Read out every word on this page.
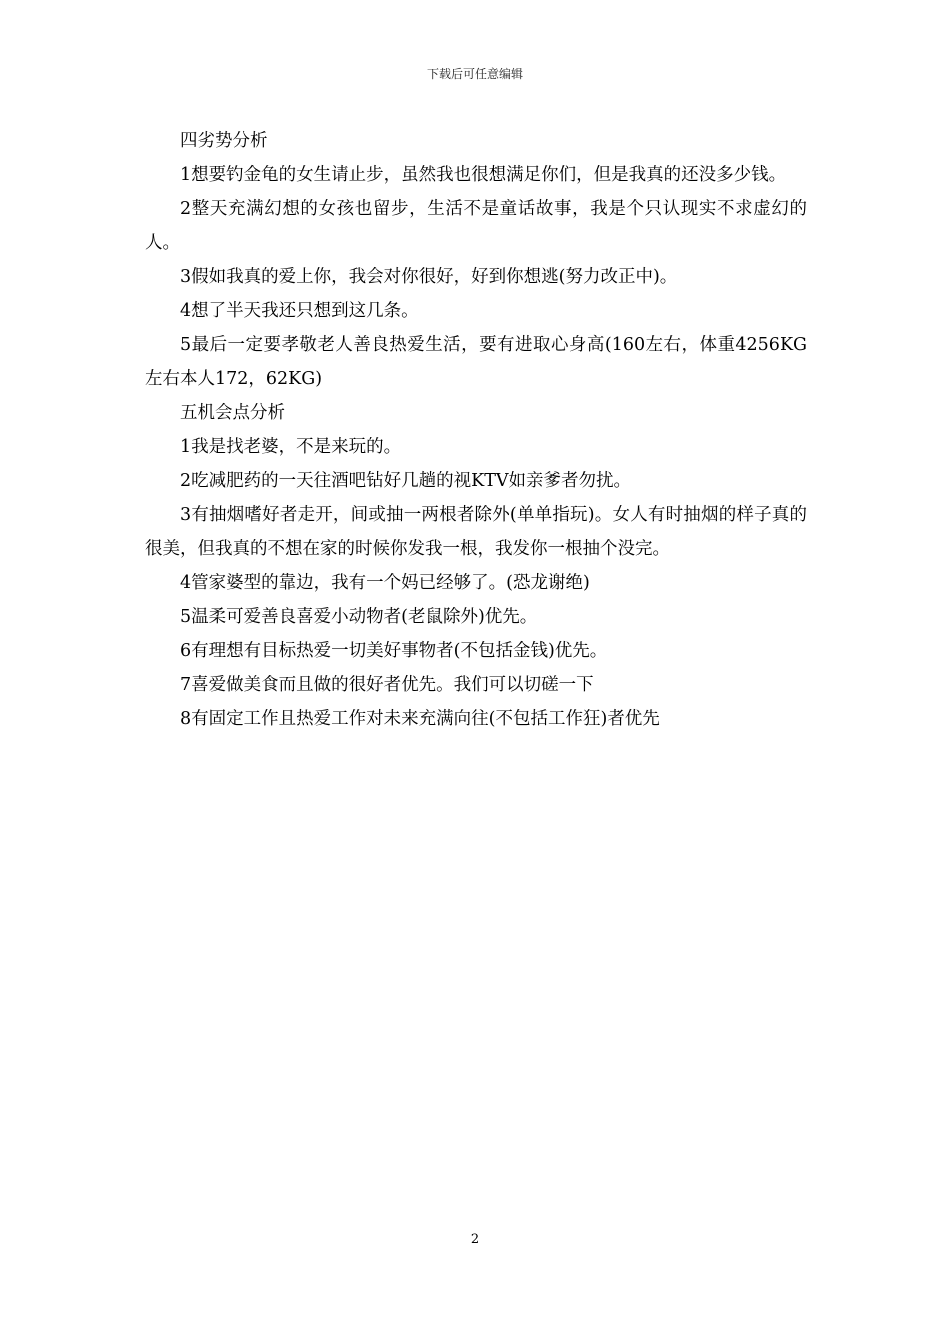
下载后可任意编辑

四劣势分析

1想要钓金龟的女生请止步，虽然我也很想满足你们，但是我真的还没多少钱。

2整天充满幻想的女孩也留步，生活不是童话故事，我是个只认现实不求虚幻的人。

3假如我真的爱上你，我会对你很好，好到你想逃(努力改正中)。

4想了半天我还只想到这几条。

5最后一定要孝敬老人善良热爱生活，要有进取心身高(160左右，体重4256KG左右本人172，62KG)

五机会点分析

1我是找老婆，不是来玩的。

2吃减肥药的一天往酒吧钻好几趟的视KTV如亲爹者勿扰。

3有抽烟嗜好者走开，间或抽一两根者除外(单单指玩)。女人有时抽烟的样子真的很美，但我真的不想在家的时候你发我一根，我发你一根抽个没完。

4管家婆型的靠边，我有一个妈已经够了。(恐龙谢绝)

5温柔可爱善良喜爱小动物者(老鼠除外)优先。

6有理想有目标热爱一切美好事物者(不包括金钱)优先。

7喜爱做美食而且做的很好者优先。我们可以切磋一下

8有固定工作且热爱工作对未来充满向往(不包括工作狂)者优先

2
